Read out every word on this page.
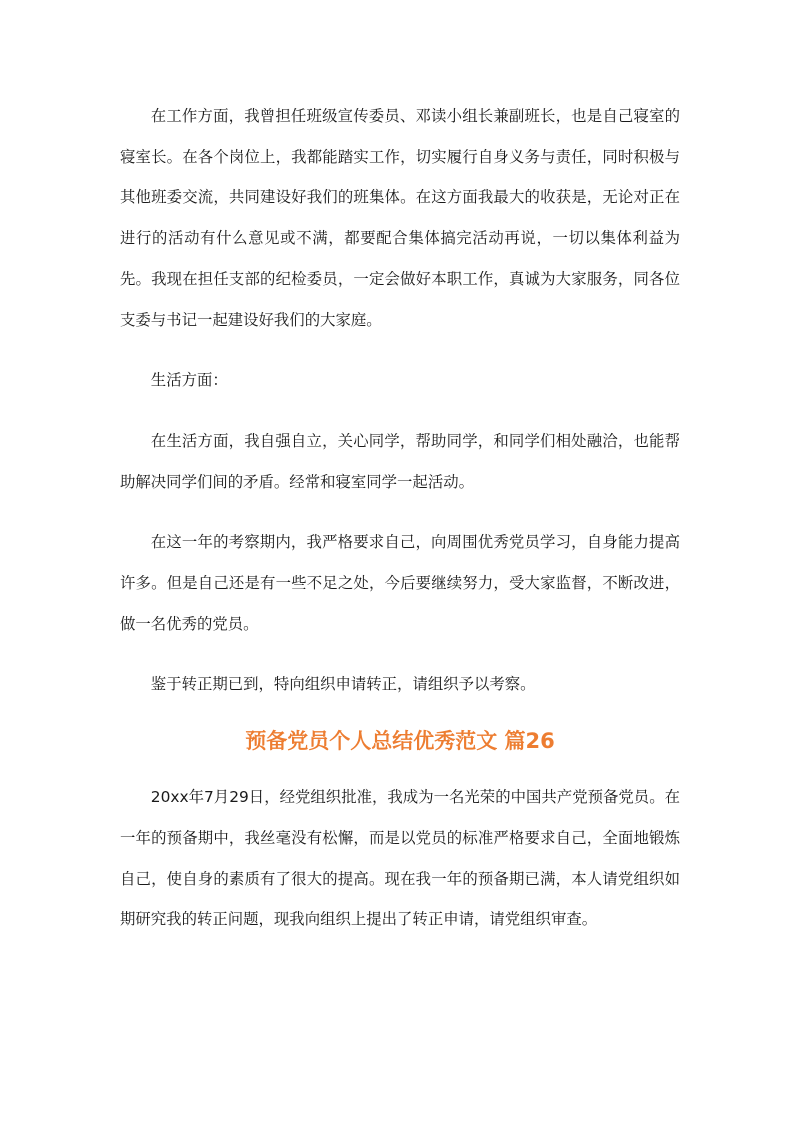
在工作方面，我曾担任班级宣传委员、邓读小组长兼副班长，也是自己寝室的寝室长。在各个岗位上，我都能踏实工作，切实履行自身义务与责任，同时积极与其他班委交流，共同建设好我们的班集体。在这方面我最大的收获是，无论对正在进行的活动有什么意见或不满，都要配合集体搞完活动再说，一切以集体利益为先。我现在担任支部的纪检委员，一定会做好本职工作，真诚为大家服务，同各位支委与书记一起建设好我们的大家庭。

生活方面：

在生活方面，我自强自立，关心同学，帮助同学，和同学们相处融洽，也能帮助解决同学们间的矛盾。经常和寝室同学一起活动。

在这一年的考察期内，我严格要求自己，向周围优秀党员学习，自身能力提高许多。但是自己还是有一些不足之处，今后要继续努力，受大家监督，不断改进，做一名优秀的党员。

鉴于转正期已到，特向组织申请转正，请组织予以考察。

预备党员个人总结优秀范文 篇26

20xx年7月29日，经党组织批准，我成为一名光荣的中国共产党预备党员。在一年的预备期中，我丝毫没有松懈，而是以党员的标准严格要求自己，全面地锻炼自己，使自身的素质有了很大的提高。现在我一年的预备期已满，本人请党组织如期研究我的转正问题，现我向组织上提出了转正申请，请党组织审查。
